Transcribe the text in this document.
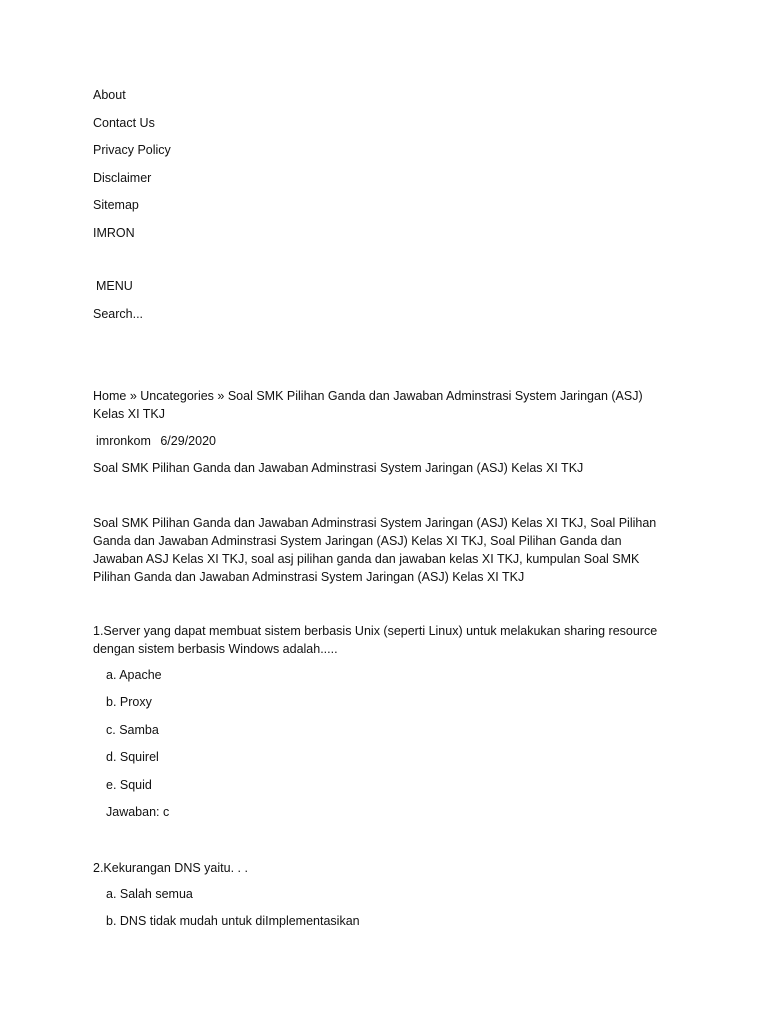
About
Contact Us
Privacy Policy
Disclaimer
Sitemap
IMRON
MENU
Search...
Home » Uncategories » Soal SMK Pilihan Ganda dan Jawaban Adminstrasi System Jaringan (ASJ) Kelas XI TKJ
imronkom 6/29/2020
Soal SMK Pilihan Ganda dan Jawaban Adminstrasi System Jaringan (ASJ) Kelas XI TKJ

Soal SMK Pilihan Ganda dan Jawaban Adminstrasi System Jaringan (ASJ) Kelas XI TKJ, Soal Pilihan Ganda dan Jawaban Adminstrasi System Jaringan (ASJ) Kelas XI TKJ, Soal Pilihan Ganda dan Jawaban ASJ Kelas XI TKJ, soal asj pilihan ganda dan jawaban kelas XI TKJ, kumpulan Soal SMK Pilihan Ganda dan Jawaban Adminstrasi System Jaringan (ASJ) Kelas XI TKJ

1.Server yang dapat membuat sistem berbasis Unix (seperti Linux) untuk melakukan sharing resource dengan sistem berbasis Windows adalah.....

a. Apache
b. Proxy
c. Samba
d. Squirel
e. Squid
Jawaban: c

2.Kekurangan DNS yaitu. . .

a. Salah semua
b. DNS tidak mudah untuk diImplementasikan
